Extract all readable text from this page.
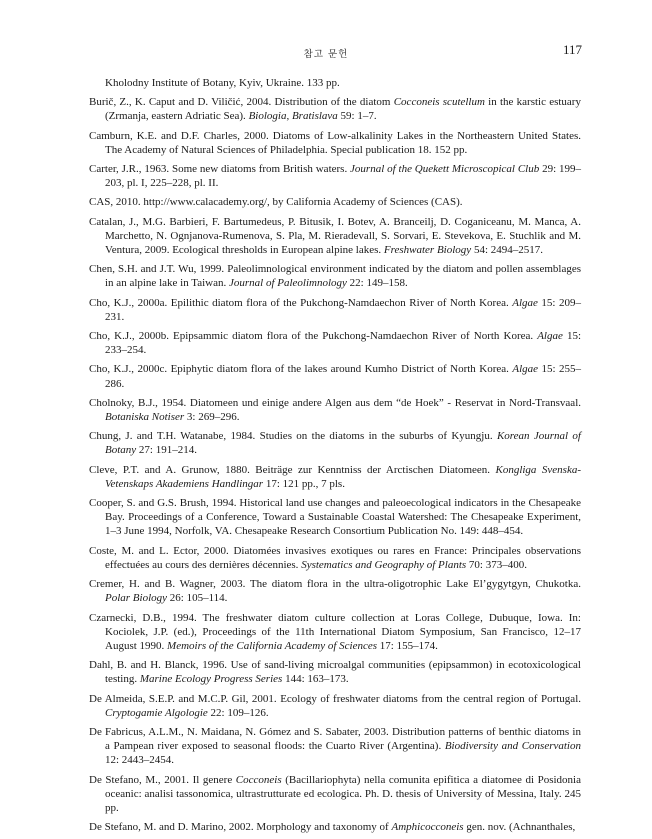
참고 문헌	117

Kholodny Institute of Botany, Kyiv, Ukraine. 133 pp.

Burič, Z., K. Caput and D. Viličić, 2004. Distribution of the diatom Cocconeis scutellum in the karstic estuary (Zrmanja, eastern Adriatic Sea). Biologia, Bratislava 59: 1–7.

Camburn, K.E. and D.F. Charles, 2000. Diatoms of Low-alkalinity Lakes in the Northeastern United States. The Academy of Natural Sciences of Philadelphia. Special publication 18. 152 pp.

Carter, J.R., 1963. Some new diatoms from British waters. Journal of the Quekett Microscopical Club 29: 199–203, pl. I, 225–228, pl. II.

CAS, 2010. http://www.calacademy.org/, by California Academy of Sciences (CAS).

Catalan, J., M.G. Barbieri, F. Bartumedeus, P. Bitusik, I. Botev, A. Branceilj, D. Coganiceanu, M. Manca, A. Marchetto, N. Ognjanova-Rumenova, S. Pla, M. Rieradevall, S. Sorvari, E. Stevekova, E. Stuchlik and M. Ventura, 2009. Ecological thresholds in European alpine lakes. Freshwater Biology 54: 2494–2517.

Chen, S.H. and J.T. Wu, 1999. Paleolimnological environment indicated by the diatom and pollen assemblages in an alpine lake in Taiwan. Journal of Paleolimnology 22: 149–158.

Cho, K.J., 2000a. Epilithic diatom flora of the Pukchong-Namdaechon River of North Korea. Algae 15: 209–231.

Cho, K.J., 2000b. Epipsammic diatom flora of the Pukchong-Namdaechon River of North Korea. Algae 15: 233–254.

Cho, K.J., 2000c. Epiphytic diatom flora of the lakes around Kumho District of North Korea. Algae 15: 255–286.

Cholnoky, B.J., 1954. Diatomeen und einige andere Algen aus dem “de Hoek” - Reservat in Nord-Transvaal. Botaniska Notiser 3: 269–296.

Chung, J. and T.H. Watanabe, 1984. Studies on the diatoms in the suburbs of Kyungju. Korean Journal of Botany 27: 191–214.

Cleve, P.T. and A. Grunow, 1880. Beiträge zur Kenntniss der Arctischen Diatomeen. Kongliga Svenska-Vetenskaps Akademiens Handlingar 17: 121 pp., 7 pls.

Cooper, S. and G.S. Brush, 1994. Historical land use changes and paleoecological indicators in the Chesapeake Bay. Proceedings of a Conference, Toward a Sustainable Coastal Watershed: The Chesapeake Experiment, 1–3 June 1994, Norfolk, VA. Chesapeake Research Consortium Publication No. 149: 448–454.

Coste, M. and L. Ector, 2000. Diatomées invasives exotiques ou rares en France: Principales observations effectuées au cours des dernières décennies. Systematics and Geography of Plants 70: 373–400.

Cremer, H. and B. Wagner, 2003. The diatom flora in the ultra-oligotrophic Lake El’gygytgyn, Chukotka. Polar Biology 26: 105–114.

Czarnecki, D.B., 1994. The freshwater diatom culture collection at Loras College, Dubuque, Iowa. In: Kociolek, J.P. (ed.), Proceedings of the 11th International Diatom Symposium, San Francisco, 12–17 August 1990. Memoirs of the California Academy of Sciences 17: 155–174.

Dahl, B. and H. Blanck, 1996. Use of sand-living microalgal communities (epipsammon) in ecotoxicological testing. Marine Ecology Progress Series 144: 163–173.

De Almeida, S.E.P. and M.C.P. Gil, 2001. Ecology of freshwater diatoms from the central region of Portugal. Cryptogamie Algologie 22: 109–126.

De Fabricus, A.L.M., N. Maidana, N. Gómez and S. Sabater, 2003. Distribution patterns of benthic diatoms in a Pampean river exposed to seasonal floods: the Cuarto River (Argentina). Biodiversity and Conservation 12: 2443–2454.

De Stefano, M., 2001. Il genere Cocconeis (Bacillariophyta) nella comunita epifitica a diatomee di Posidonia oceanic: analisi tassonomica, ultrastrutturate ed ecologica. Ph. D. thesis of University of Messina, Italy. 245 pp.

De Stefano, M. and D. Marino, 2002. Morphology and taxonomy of Amphicocconeis gen. nov. (Achnanthales,
